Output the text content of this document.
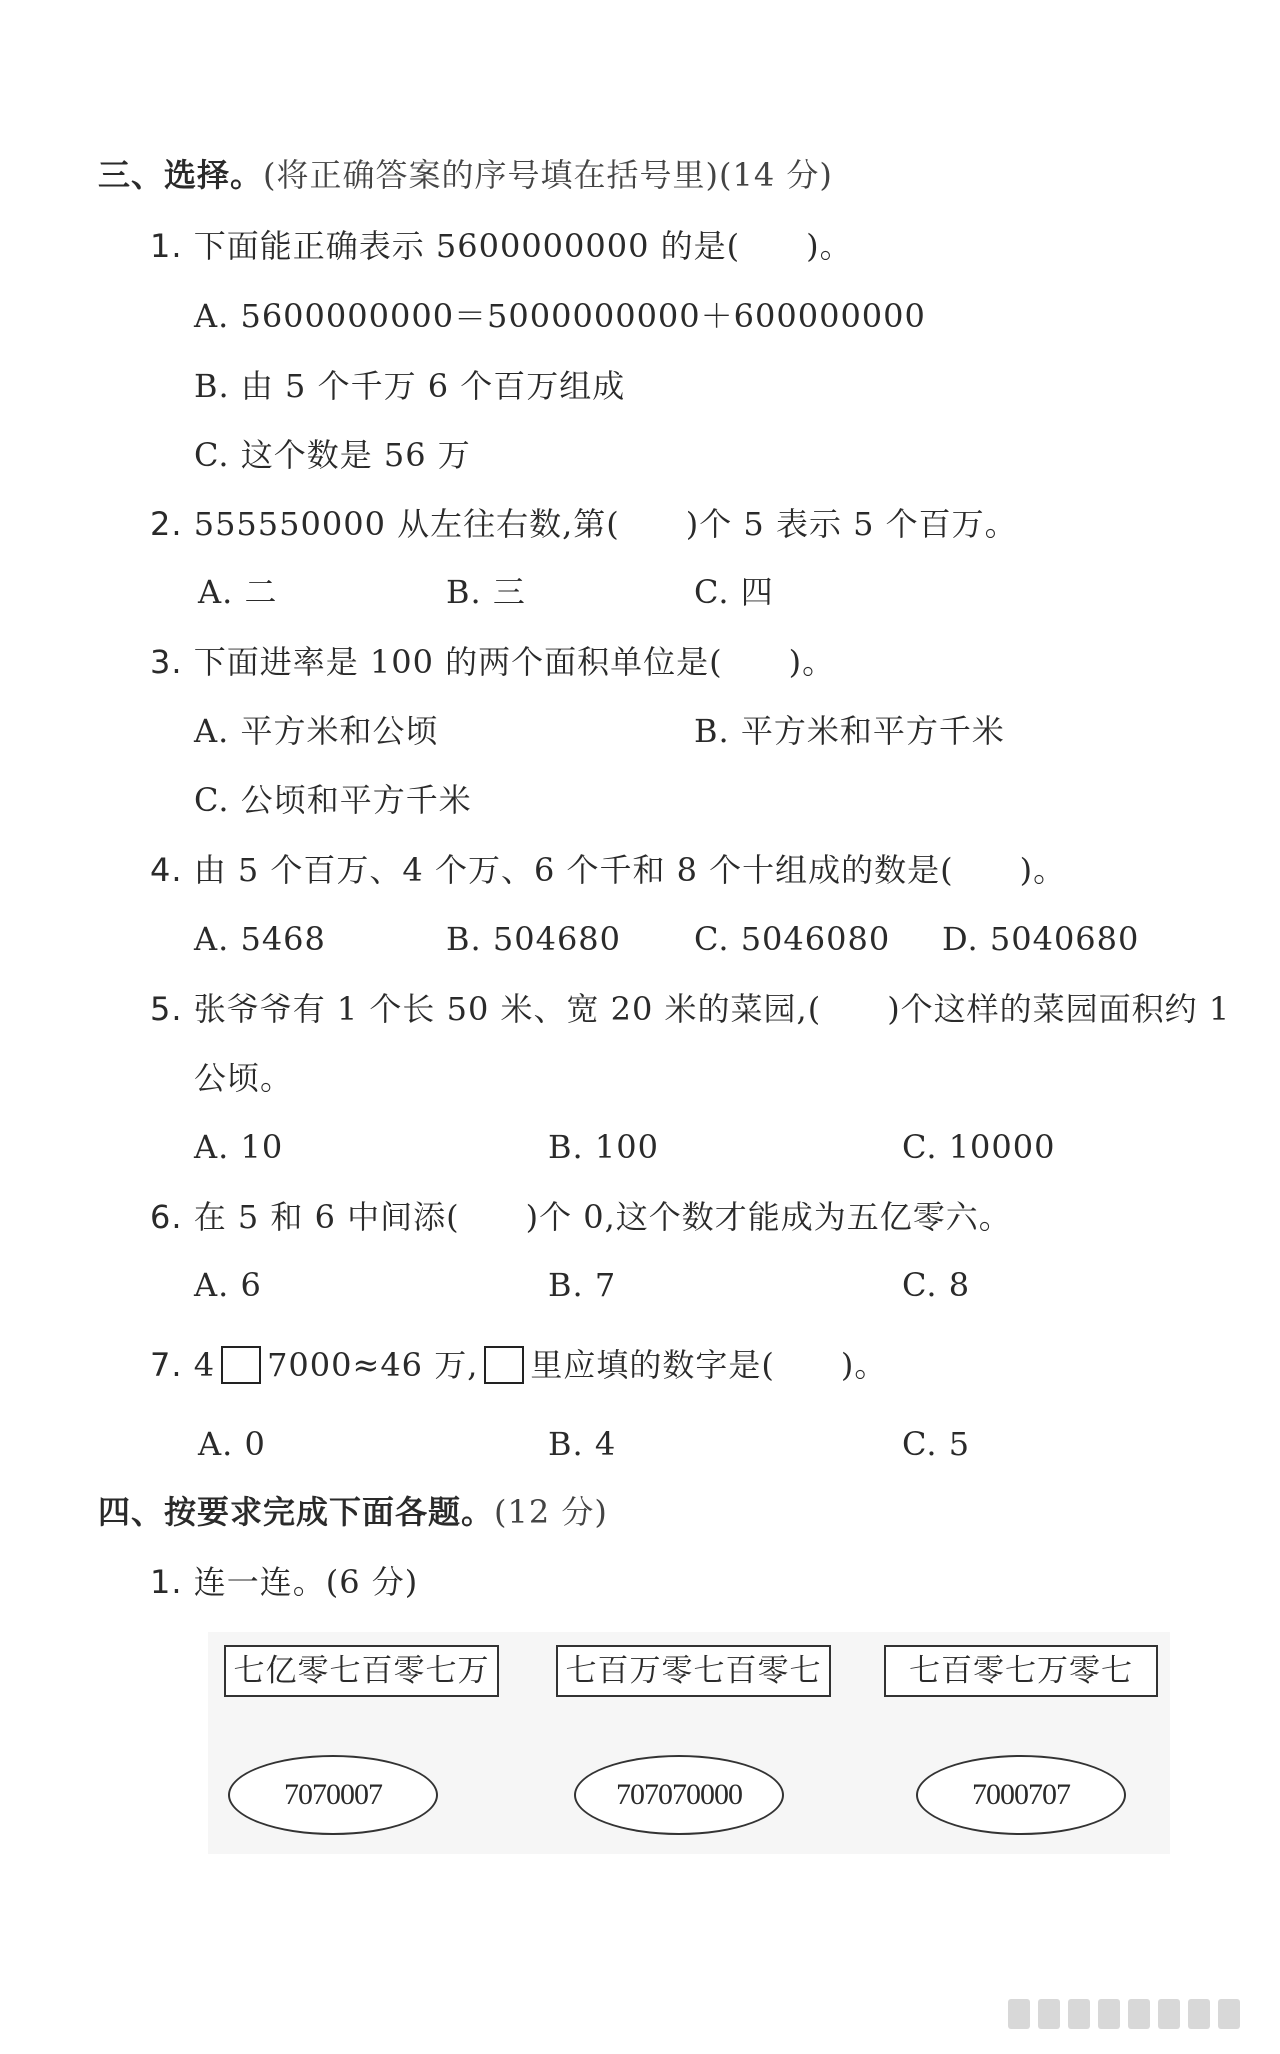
三、选择。(将正确答案的序号填在括号里)(14 分)
1. 下面能正确表示 5600000000 的是(　　)。
A. 5600000000＝5000000000＋600000000
B. 由 5 个千万 6 个百万组成
C. 这个数是 56 万
2. 555550000 从左往右数,第(　　)个 5 表示 5 个百万。
A. 二	B. 三	C. 四
3. 下面进率是 100 的两个面积单位是(　　)。
A. 平方米和公顷	B. 平方米和平方千米
C. 公顷和平方千米
4. 由 5 个百万、4 个万、6 个千和 8 个十组成的数是(　　)。
A. 5468	B. 504680 C. 5046080 D. 5040680
5. 张爷爷有 1 个长 50 米、宽 20 米的菜园,(　　)个这样的菜园面积约 1
公顷。
A. 10	B. 100	C. 10000
6. 在 5 和 6 中间添(　　)个 0,这个数才能成为五亿零六。
A. 6	B. 7	C. 8
7. 4 7000≈46 万, 里应填的数字是(　　)。
A. 0	B. 4	C. 5
四、按要求完成下面各题。(12 分)
1. 连一连。(6 分)
七亿零七百零七万	七百万零七百零七	七百零七万零七
7070007	707070000	7000707
